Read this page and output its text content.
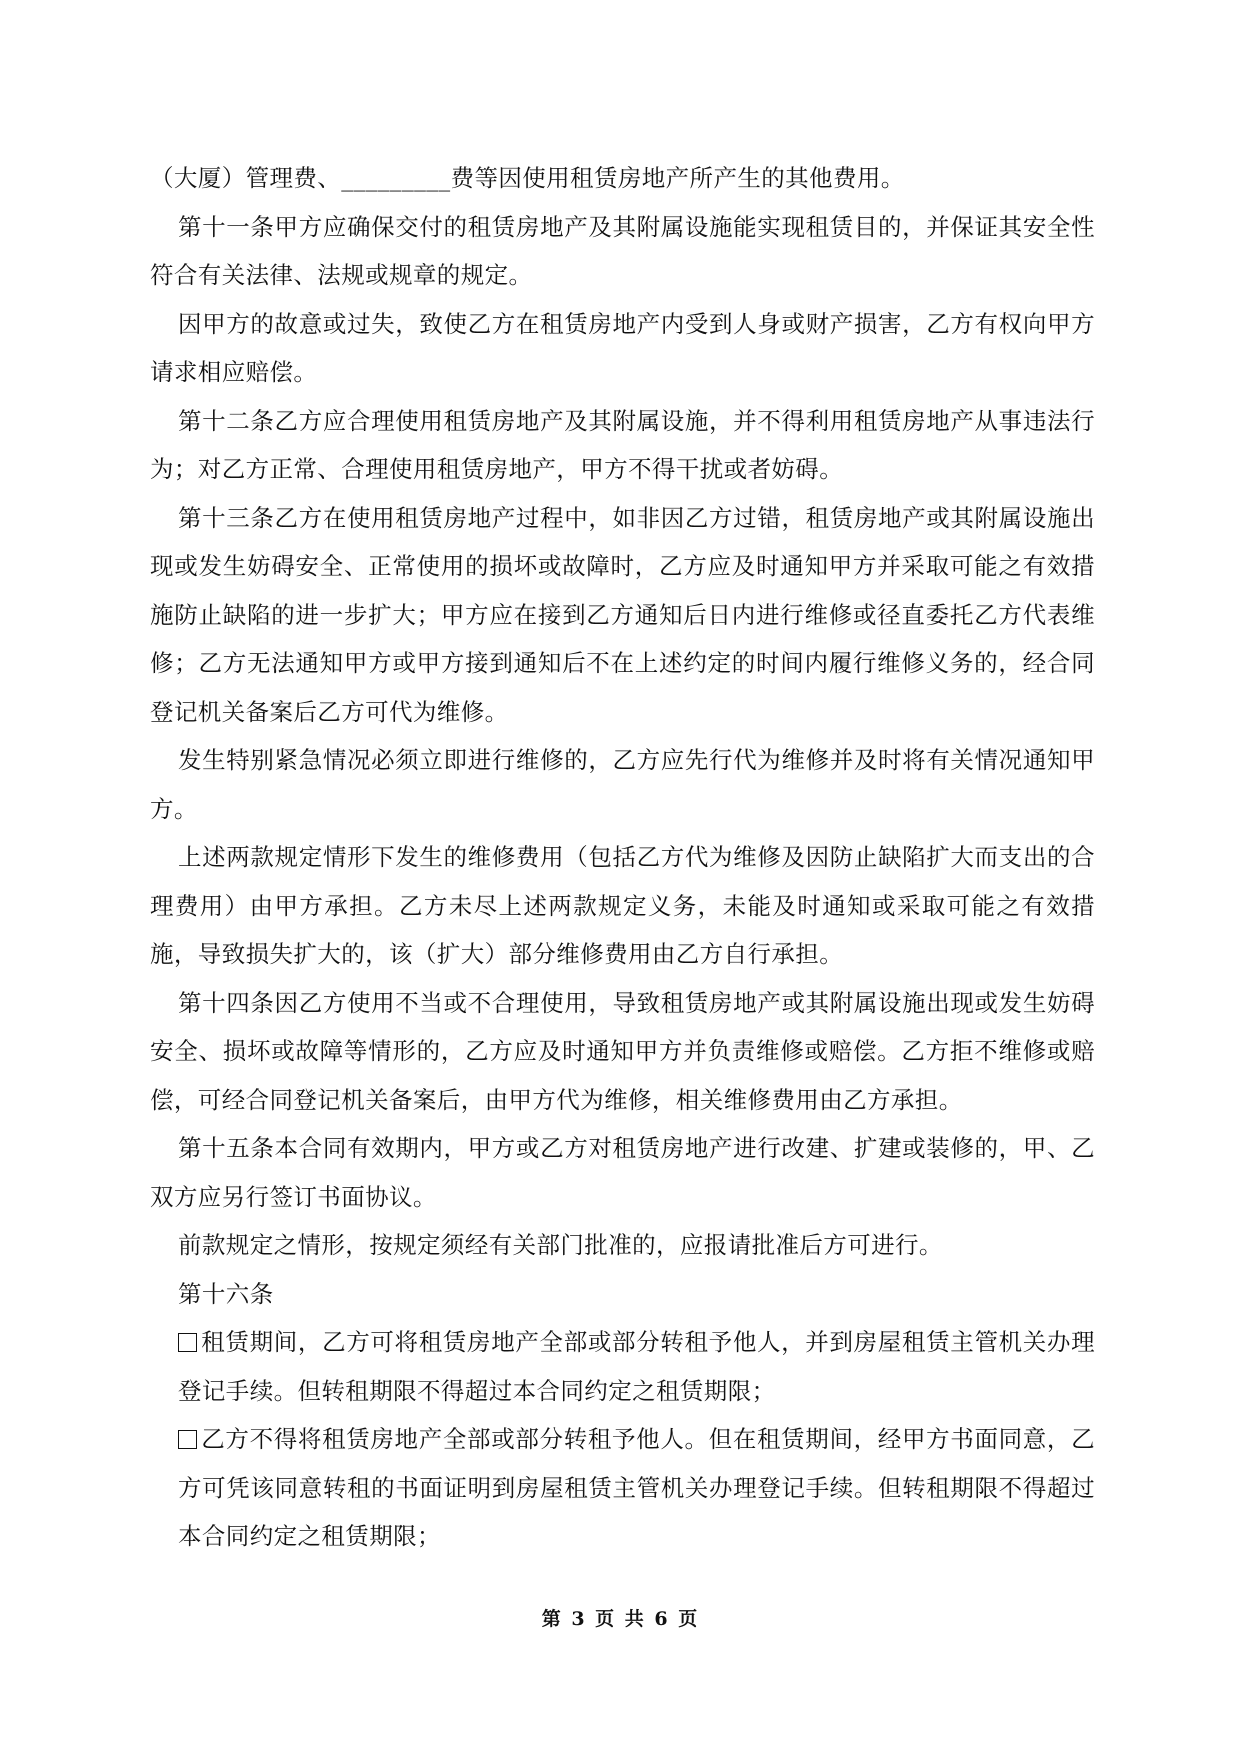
（大厦）管理费、_________费等因使用租赁房地产所产生的其他费用。

第十一条甲方应确保交付的租赁房地产及其附属设施能实现租赁目的，并保证其安全性符合有关法律、法规或规章的规定。

因甲方的故意或过失，致使乙方在租赁房地产内受到人身或财产损害，乙方有权向甲方请求相应赔偿。

第十二条乙方应合理使用租赁房地产及其附属设施，并不得利用租赁房地产从事违法行为；对乙方正常、合理使用租赁房地产，甲方不得干扰或者妨碍。

第十三条乙方在使用租赁房地产过程中，如非因乙方过错，租赁房地产或其附属设施出现或发生妨碍安全、正常使用的损坏或故障时，乙方应及时通知甲方并采取可能之有效措施防止缺陷的进一步扩大；甲方应在接到乙方通知后日内进行维修或径直委托乙方代表维修；乙方无法通知甲方或甲方接到通知后不在上述约定的时间内履行维修义务的，经合同登记机关备案后乙方可代为维修。

发生特别紧急情况必须立即进行维修的，乙方应先行代为维修并及时将有关情况通知甲方。

上述两款规定情形下发生的维修费用（包括乙方代为维修及因防止缺陷扩大而支出的合理费用）由甲方承担。乙方未尽上述两款规定义务，未能及时通知或采取可能之有效措施，导致损失扩大的，该（扩大）部分维修费用由乙方自行承担。

第十四条因乙方使用不当或不合理使用，导致租赁房地产或其附属设施出现或发生妨碍安全、损坏或故障等情形的，乙方应及时通知甲方并负责维修或赔偿。乙方拒不维修或赔偿，可经合同登记机关备案后，由甲方代为维修，相关维修费用由乙方承担。

第十五条本合同有效期内，甲方或乙方对租赁房地产进行改建、扩建或装修的，甲、乙双方应另行签订书面协议。

前款规定之情形，按规定须经有关部门批准的，应报请批准后方可进行。

第十六条

租赁期间，乙方可将租赁房地产全部或部分转租予他人，并到房屋租赁主管机关办理登记手续。但转租期限不得超过本合同约定之租赁期限；

乙方不得将租赁房地产全部或部分转租予他人。但在租赁期间，经甲方书面同意，乙方可凭该同意转租的书面证明到房屋租赁主管机关办理登记手续。但转租期限不得超过本合同约定之租赁期限；

第 3 页 共 6 页
